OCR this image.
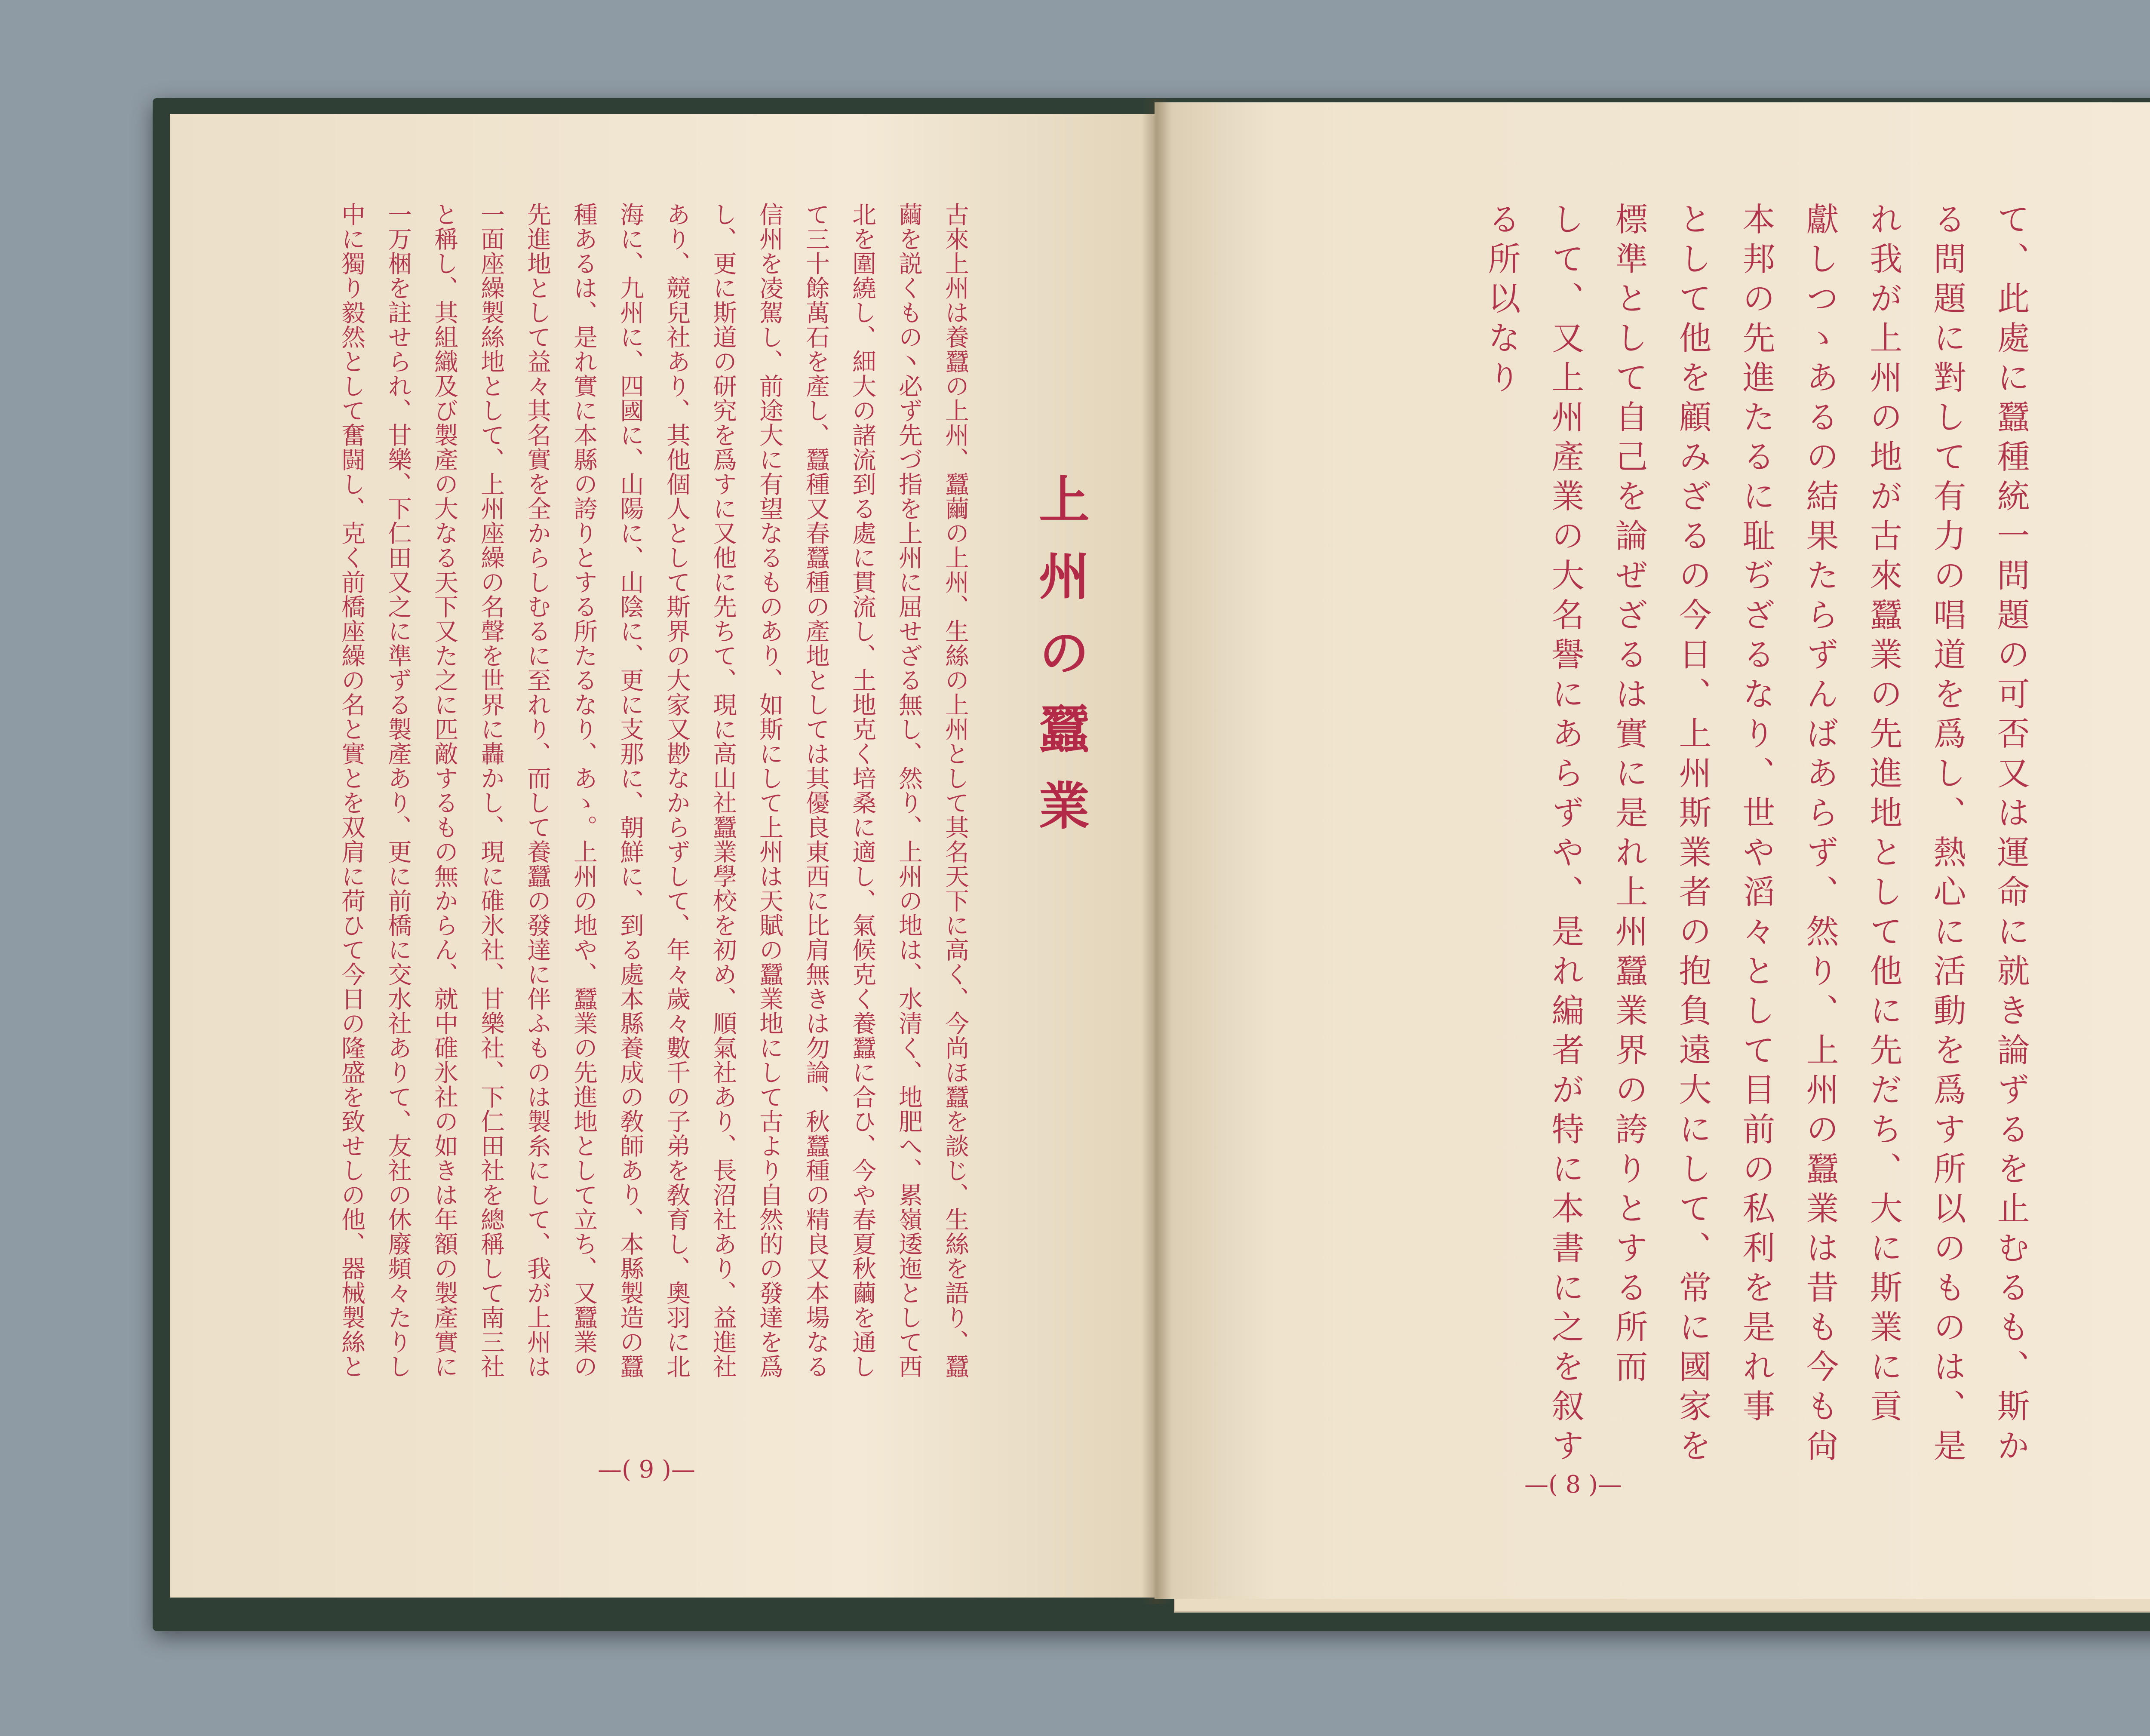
上州の蠶業
古來上州は養蠶の上州、蠶繭の上州、生絲の上州として其名天下に高く、今尚ほ蠶を談じ、生絲を語り、蠶
繭を説くもの丶必ず先づ指を上州に屈せざる無し、然り、上州の地は、水清く、地肥へ、累嶺逶迤として西
北を圍繞し、細大の諸流到る處に貫流し、土地克く培桑に適し、氣候克く養蠶に合ひ、今や春夏秋繭を通し
て三十餘萬石を產し、蠶種又春蠶種の產地としては其優良東西に比肩無きは勿論、秋蠶種の精良又本場なる
信州を凌駕し、前途大に有望なるものあり、如斯にして上州は天賦の蠶業地にして古より自然的の發達を爲
し、更に斯道の研究を爲すに又他に先ちて、現に高山社蠶業學校を初め、順氣社あり、長沼社あり、益進社
あり、競兒社あり、其他個人として斯界の大家又尠なからずして、年々歲々數千の子弟を敎育し、奧羽に北
海に、九州に、四國に、山陽に、山陰に、更に支那に、朝鮮に、到る處本縣養成の敎師あり、本縣製造の蠶
種あるは、是れ實に本縣の誇りとする所たるなり、あゝ。上州の地や、蠶業の先進地として立ち、又蠶業の
先進地として益々其名實を全からしむるに至れり、而して養蠶の發達に伴ふものは製糸にして、我が上州は
一面座繰製絲地として、上州座繰の名聲を世界に轟かし、現に碓氷社、甘樂社、下仁田社を總稱して南三社
と稱し、其組織及び製產の大なる天下又た之に匹敵するもの無からん、就中碓氷社の如きは年額の製產實に
一万梱を註せられ、甘樂、下仁田又之に準ずる製產あり、更に前橋に交水社ありて、友社の休廢頻々たりし
中に獨り毅然として奮闘し、克く前橋座繰の名と實とを双肩に荷ひて今日の隆盛を致せしの他、器械製絲と
—( 9 )—
て、此處に蠶種統一問題の可否又は運命に就き論ずるを止むるも、斯か
る問題に對して有力の唱道を爲し、熱心に活動を爲す所以のものは、是
れ我が上州の地が古來蠶業の先進地として他に先だち、大に斯業に貢
獻しつゝあるの結果たらずんばあらず、然り、上州の蠶業は昔も今も尙
本邦の先進たるに耻ぢざるなり、世や滔々として目前の私利を是れ事
として他を顧みざるの今日、上州斯業者の抱負遠大にして、常に國家を
標準として自己を論ぜざるは實に是れ上州蠶業界の誇りとする所而
して、又上州產業の大名譽にあらずや、是れ編者が特に本書に之を叙す
る所以なり
—( 8 )—
